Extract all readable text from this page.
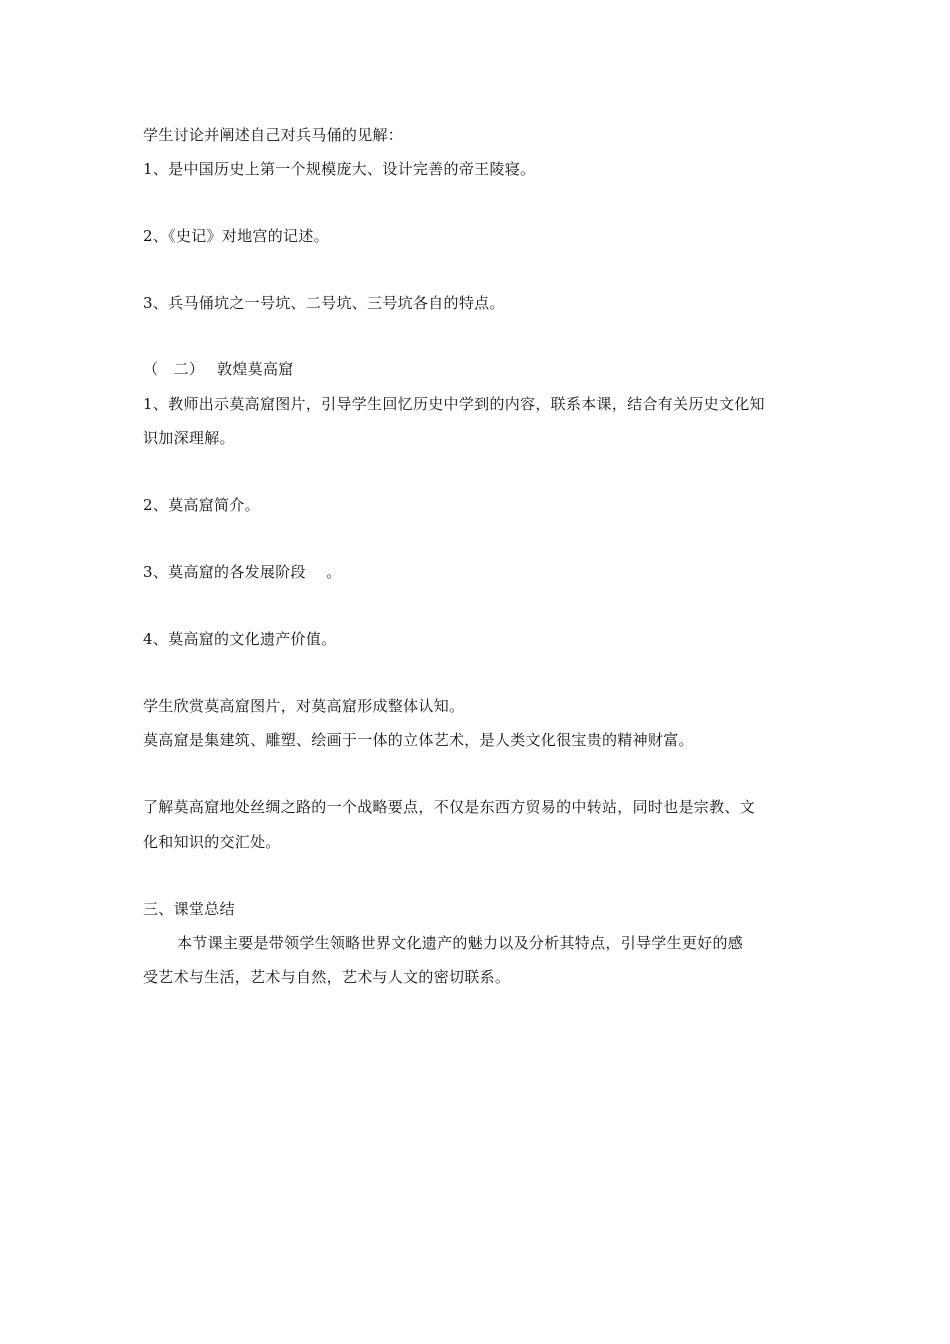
学生讨论并阐述自己对兵马俑的见解：
1、是中国历史上第一个规模庞大、设计完善的帝王陵寝。
2、《史记》对地宫的记述。
3、兵马俑坑之一号坑、二号坑、三号坑各自的特点。
（　二）　 敦煌莫高窟
1、教师出示莫高窟图片，引导学生回忆历史中学到的内容，联系本课，结合有关历史文化知
识加深理解。
2、莫高窟简介。
3、莫高窟的各发展阶段　 。
4、莫高窟的文化遗产价值。
学生欣赏莫高窟图片，对莫高窟形成整体认知。
莫高窟是集建筑、雕塑、绘画于一体的立体艺术，是人类文化很宝贵的精神财富。
了解莫高窟地处丝绸之路的一个战略要点，不仅是东西方贸易的中转站，同时也是宗教、文
化和知识的交汇处。
三、课堂总结
本节课主要是带领学生领略世界文化遗产的魅力以及分析其特点，引导学生更好的感
受艺术与生活，艺术与自然，艺术与人文的密切联系。
